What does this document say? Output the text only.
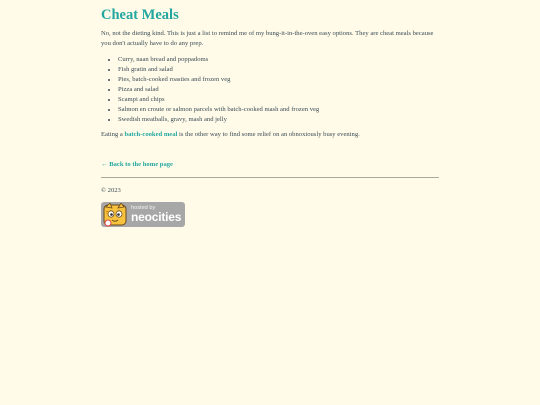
Cheat Meals

No, not the dieting kind. This is just a list to remind me of my bung-it-in-the-oven easy options. They are cheat meals because you don't actually have to do any prep.

• Curry, naan bread and poppadoms
• Fish gratin and salad
• Pies, batch-cooked roasties and frozen veg
• Pizza and salad
• Scampi and chips
• Salmon en croute or salmon parcels with batch-cooked mash and frozen veg
• Swedish meatballs, gravy, mash and jelly

Eating a batch-cooked meal is the other way to find some relief on an obnoxiously busy evening.

← Back to the home page

© 2023

hosted by
neocities
